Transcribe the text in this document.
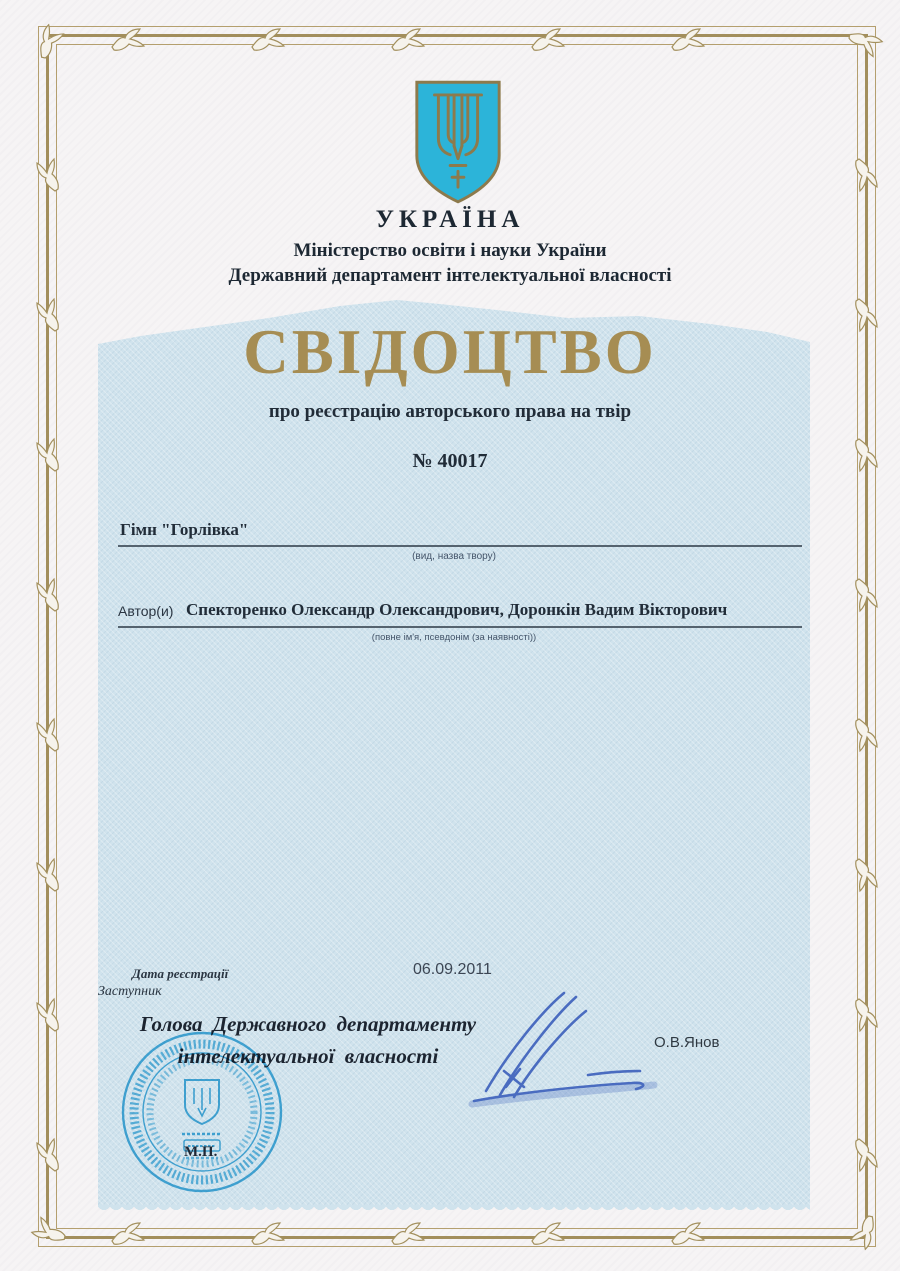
УКРАЇНА
Міністерство освіти і науки України
Державний департамент інтелектуальної власності
СВІДОЦТВО
про реєстрацію авторського права на твір
№ 40017
Гімн "Горлівка"
(вид, назва твору)
Автор(и) Спекторенко Олександр Олександрович, Доронкін Вадим Вікторович
(повне ім'я, псевдонім (за наявності))
Дата реєстрації	06.09.2011
Заступник
Голова Державного департаменту
інтелектуальної власності
О.В.Янов
М.П.
